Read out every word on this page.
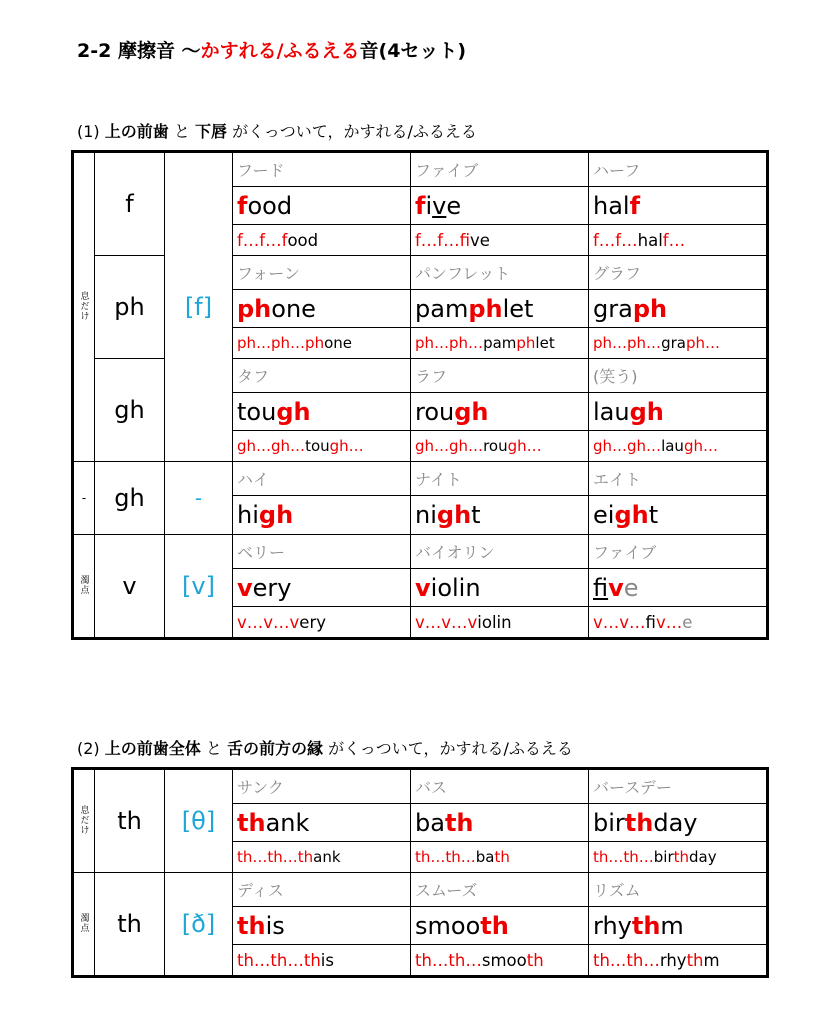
2-2 摩擦音 ～かすれる/ふるえる音(4セット)
(1) 上の前歯 と 下唇 がくっついて，かすれる/ふるえる
息だけ	f	[f]	フード	ファイブ	ハーフ
			food	five	half
			f…f…food	f…f…five	f…f…half…
	ph		フォーン	パンフレット	グラフ
			phone	pamphlet	graph
			ph…ph…phone	ph…ph…pamphlet	ph…ph…graph…
	gh		タフ	ラフ	(笑う)
			tough	rough	laugh
			gh…gh…tough…	gh…gh…rough…	gh…gh…laugh…
-	gh	-	ハイ	ナイト	エイト
			high	night	eight
濁点	v	[v]	ベリー	バイオリン	ファイブ
			very	violin	fve
			v…v…very	v…v…violin	v…v…fiv…e
(2) 上の前歯全体 と 舌の前方の縁 がくっついて，かすれる/ふるえる
息だけ	th	[θ]	サンク	バス	バースデー
			thank	bath	birthday
			th…th…thank	th…th…bath	th…th…birthday
濁点	th	[ð]	ディス	スムーズ	リズム
			this	smooth	rhythm
			th…th…this	th…th…smooth	th…th…rhythm
